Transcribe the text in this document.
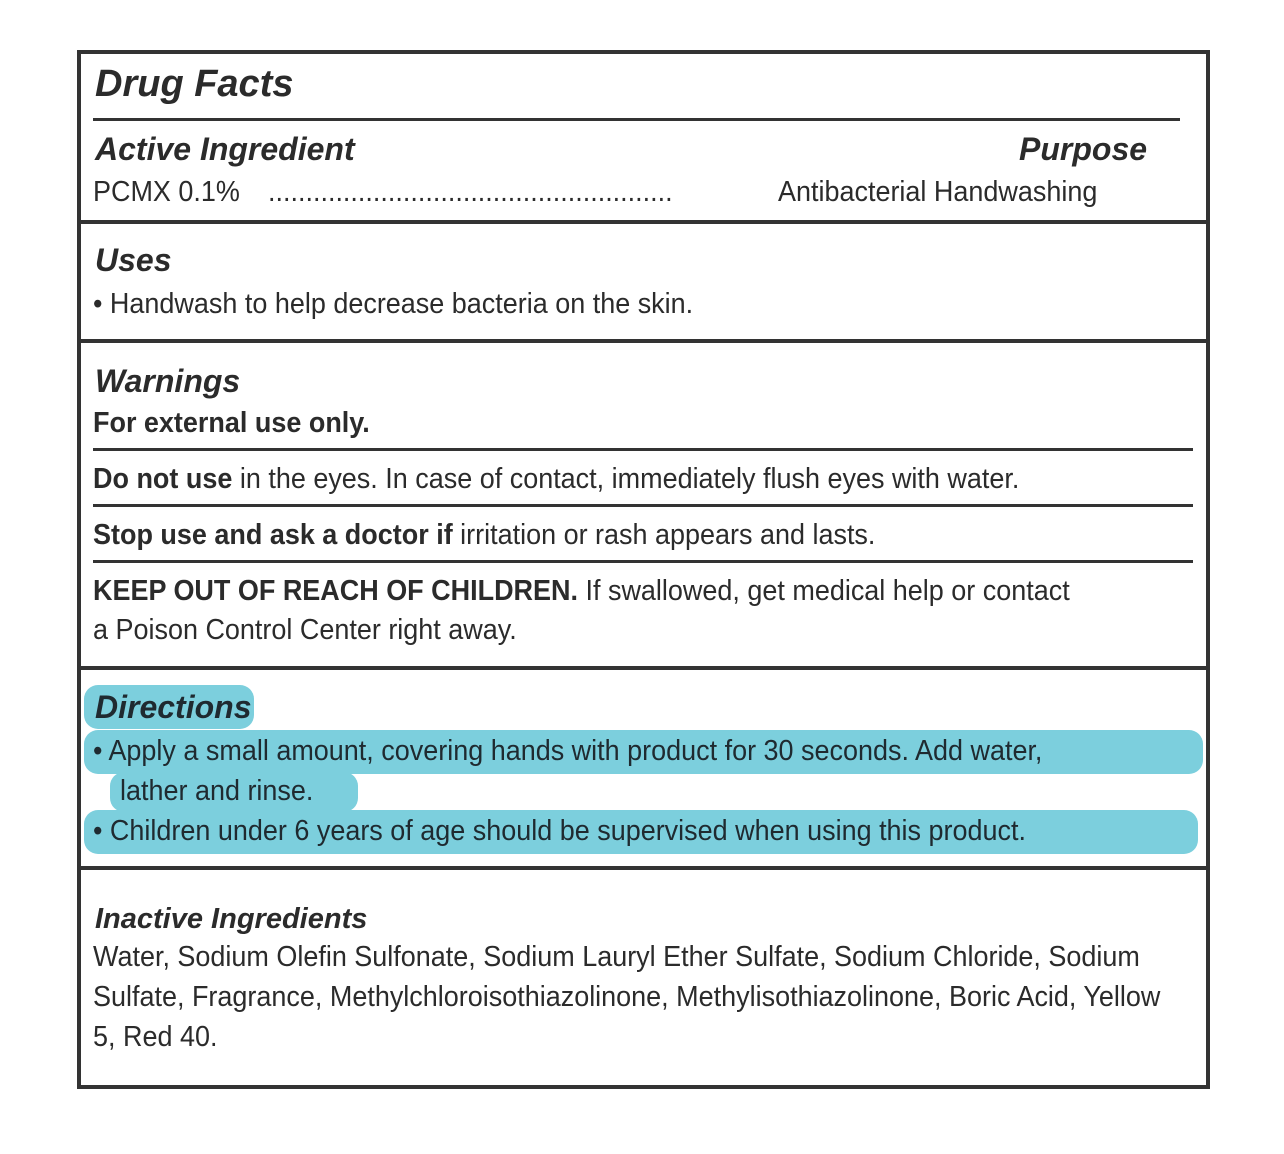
Drug Facts
Active Ingredient	Purpose
PCMX 0.1% ......................................................	Antibacterial Handwashing
Uses
• Handwash to help decrease bacteria on the skin.
Warnings
For external use only.
Do not use in the eyes. In case of contact, immediately flush eyes with water.
Stop use and ask a doctor if irritation or rash appears and lasts.
KEEP OUT OF REACH OF CHILDREN. If swallowed, get medical help or contact
a Poison Control Center right away.
Directions
• Apply a small amount, covering hands with product for 30 seconds. Add water,
lather and rinse.
• Children under 6 years of age should be supervised when using this product.
Inactive Ingredients
Water, Sodium Olefin Sulfonate, Sodium Lauryl Ether Sulfate, Sodium Chloride, Sodium
Sulfate, Fragrance, Methylchloroisothiazolinone, Methylisothiazolinone, Boric Acid, Yellow
5, Red 40.
